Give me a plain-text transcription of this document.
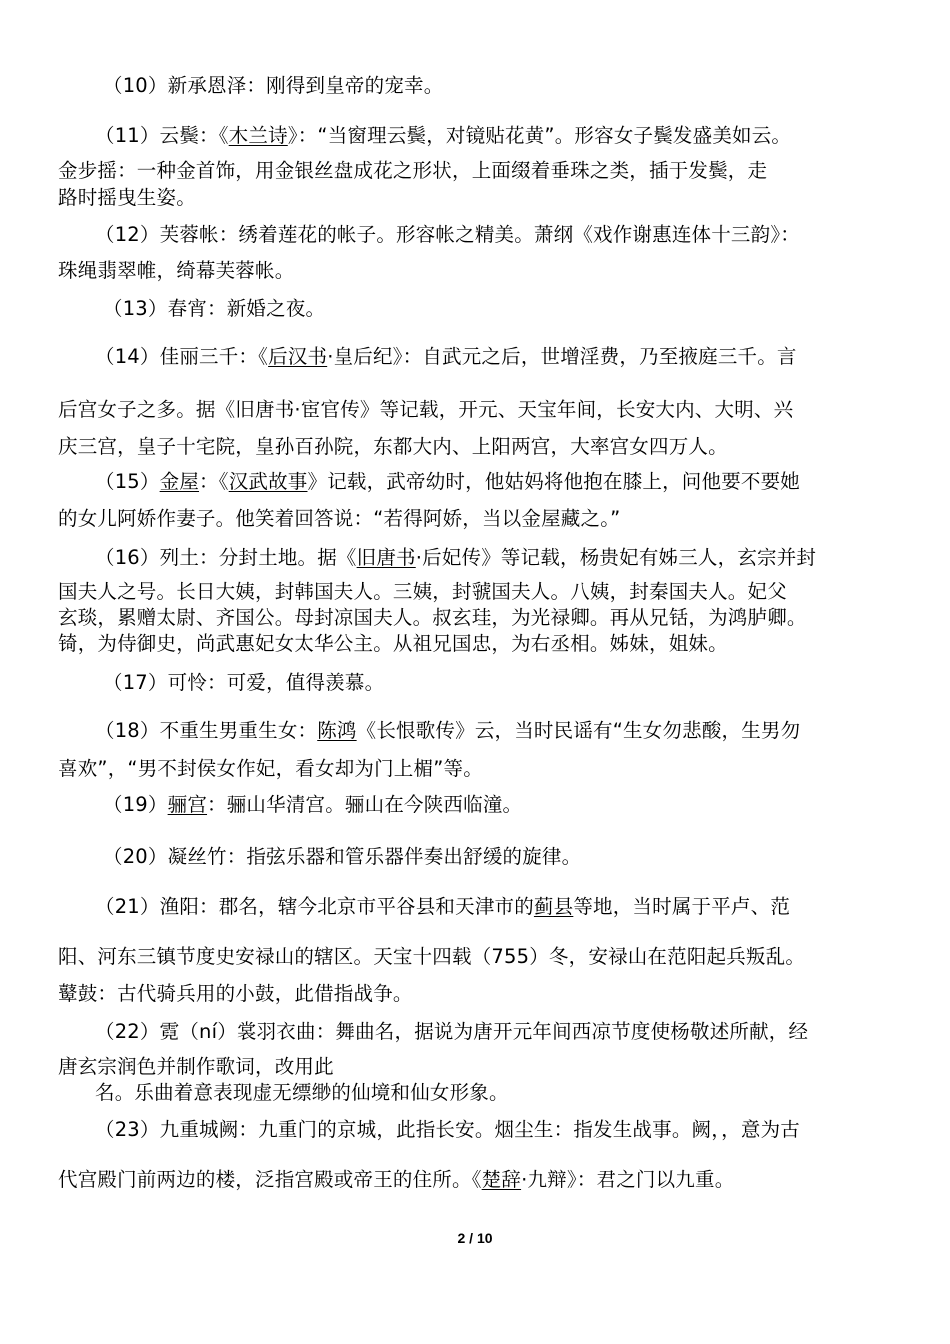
（10）新承恩泽：刚得到皇帝的宠幸。
（11）云鬓：《木兰诗》：“当窗理云鬓，对镜贴花黄”。形容女子鬓发盛美如云。
金步摇：一种金首饰，用金银丝盘成花之形状，上面缀着垂珠之类，插于发鬓，走
路时摇曳生姿。
（12）芙蓉帐：绣着莲花的帐子。形容帐之精美。萧纲《戏作谢惠连体十三韵》：
珠绳翡翠帷，绮幕芙蓉帐。
（13）春宵：新婚之夜。
（14）佳丽三千：《后汉书·皇后纪》：自武元之后，世增淫费，乃至掖庭三千。言
后宫女子之多。据《旧唐书·宦官传》等记载，开元、天宝年间，长安大内、大明、兴
庆三宫，皇子十宅院，皇孙百孙院，东都大内、上阳两宫，大率宫女四万人。
（15）金屋：《汉武故事》记载，武帝幼时，他姑妈将他抱在膝上，问他要不要她
的女儿阿娇作妻子。他笑着回答说：“若得阿娇，当以金屋藏之。”
（16）列土：分封土地。据《旧唐书·后妃传》等记载，杨贵妃有姊三人，玄宗并封
国夫人之号。长日大姨，封韩国夫人。三姨，封虢国夫人。八姨，封秦国夫人。妃父
玄琰，累赠太尉、齐国公。母封凉国夫人。叔玄珪，为光禄卿。再从兄铦，为鸿胪卿。
锜，为侍御史，尚武惠妃女太华公主。从祖兄国忠，为右丞相。姊妹，姐妹。
（17）可怜：可爱，值得羡慕。
（18）不重生男重生女：陈鸿《长恨歌传》云，当时民谣有“生女勿悲酸，生男勿
喜欢”，“男不封侯女作妃，看女却为门上楣”等。
（19）骊宫：骊山华清宫。骊山在今陕西临潼。
（20）凝丝竹：指弦乐器和管乐器伴奏出舒缓的旋律。
（21）渔阳：郡名，辖今北京市平谷县和天津市的蓟县等地，当时属于平卢、范
阳、河东三镇节度史安禄山的辖区。天宝十四载（755）冬，安禄山在范阳起兵叛乱。
鼙鼓：古代骑兵用的小鼓，此借指战争。
（22）霓（ní）裳羽衣曲：舞曲名，据说为唐开元年间西凉节度使杨敬述所献，经
唐玄宗润色并制作歌词，改用此
名。乐曲着意表现虚无缥缈的仙境和仙女形象。
（23）九重城阙：九重门的京城，此指长安。烟尘生：指发生战事。阙，，意为古
代宫殿门前两边的楼，泛指宫殿或帝王的住所。《楚辞·九辩》：君之门以九重。
2 / 10
